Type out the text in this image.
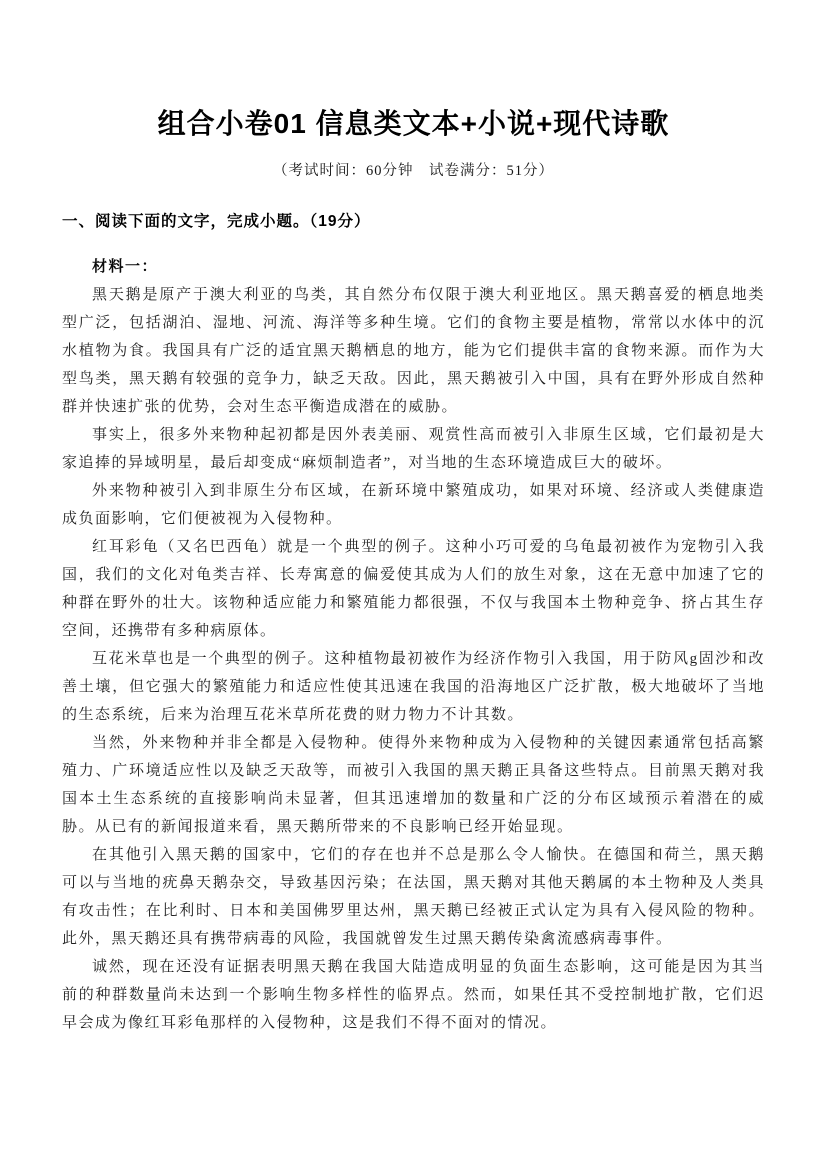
组合小卷01 信息类文本+小说+现代诗歌
（考试时间：60分钟　试卷满分：51分）
一、阅读下面的文字，完成小题。（19分）
材料一：

黑天鹅是原产于澳大利亚的鸟类，其自然分布仅限于澳大利亚地区。黑天鹅喜爱的栖息地类型广泛，包括湖泊、湿地、河流、海洋等多种生境。它们的食物主要是植物，常常以水体中的沉水植物为食。我国具有广泛的适宜黑天鹅栖息的地方，能为它们提供丰富的食物来源。而作为大型鸟类，黑天鹅有较强的竞争力，缺乏天敌。因此，黑天鹅被引入中国，具有在野外形成自然种群并快速扩张的优势，会对生态平衡造成潜在的威胁。

事实上，很多外来物种起初都是因外表美丽、观赏性高而被引入非原生区域，它们最初是大家追捧的异域明星，最后却变成“麻烦制造者”，对当地的生态环境造成巨大的破坏。

外来物种被引入到非原生分布区域，在新环境中繁殖成功，如果对环境、经济或人类健康造成负面影响，它们便被视为入侵物种。

红耳彩龟（又名巴西龟）就是一个典型的例子。这种小巧可爱的乌龟最初被作为宠物引入我国，我们的文化对龟类吉祥、长寿寓意的偏爱使其成为人们的放生对象，这在无意中加速了它的种群在野外的壮大。该物种适应能力和繁殖能力都很强，不仅与我国本土物种竞争、挤占其生存空间，还携带有多种病原体。

互花米草也是一个典型的例子。这种植物最初被作为经济作物引入我国，用于防风g固沙和改善土壤，但它强大的繁殖能力和适应性使其迅速在我国的沿海地区广泛扩散，极大地破坏了当地的生态系统，后来为治理互花米草所花费的财力物力不计其数。

当然，外来物种并非全都是入侵物种。使得外来物种成为入侵物种的关键因素通常包括高繁殖力、广环境适应性以及缺乏天敌等，而被引入我国的黑天鹅正具备这些特点。目前黑天鹅对我国本土生态系统的直接影响尚未显著，但其迅速增加的数量和广泛的分布区域预示着潜在的威胁。从已有的新闻报道来看，黑天鹅所带来的不良影响已经开始显现。

在其他引入黑天鹅的国家中，它们的存在也并不总是那么令人愉快。在德国和荷兰，黑天鹅可以与当地的疣鼻天鹅杂交，导致基因污染；在法国，黑天鹅对其他天鹅属的本土物种及人类具有攻击性；在比利时、日本和美国佛罗里达州，黑天鹅已经被正式认定为具有入侵风险的物种。此外，黑天鹅还具有携带病毒的风险，我国就曾发生过黑天鹅传染禽流感病毒事件。

诚然，现在还没有证据表明黑天鹅在我国大陆造成明显的负面生态影响，这可能是因为其当前的种群数量尚未达到一个影响生物多样性的临界点。然而，如果任其不受控制地扩散，它们迟早会成为像红耳彩龟那样的入侵物种，这是我们不得不面对的情况。
